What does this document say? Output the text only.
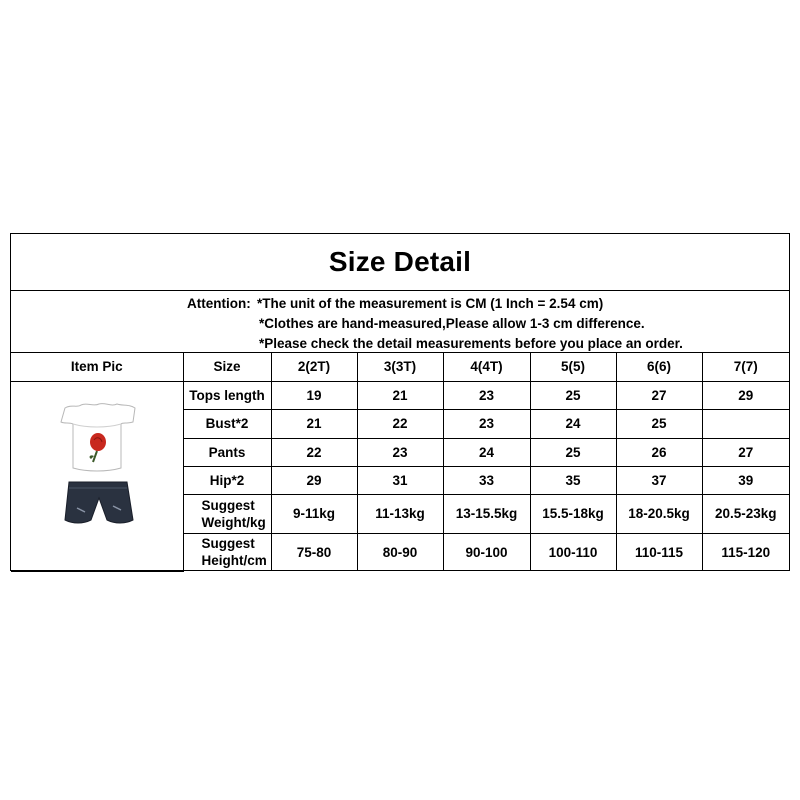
Size Detail
Attention: *The unit of the measurement is CM (1 Inch = 2.54 cm)
*Clothes are hand-measured,Please allow 1-3 cm difference.
*Please check the detail measurements before you place an order.
Item Pic	Size	2(2T)	3(3T)	4(4T)	5(5)	6(6)	7(7)

	Tops length	19	21	23	25	27	29
	Bust*2	21	22	23	24	25	
	Pants	22	23	24	25	26	27
	Hip*2	29	31	33	35	37	39
	Suggest Weight/kg	9-11kg	11-13kg	13-15.5kg	15.5-18kg	18-20.5kg	20.5-23kg
	Suggest Height/cm	75-80	80-90	90-100	100-110	110-115	115-120
